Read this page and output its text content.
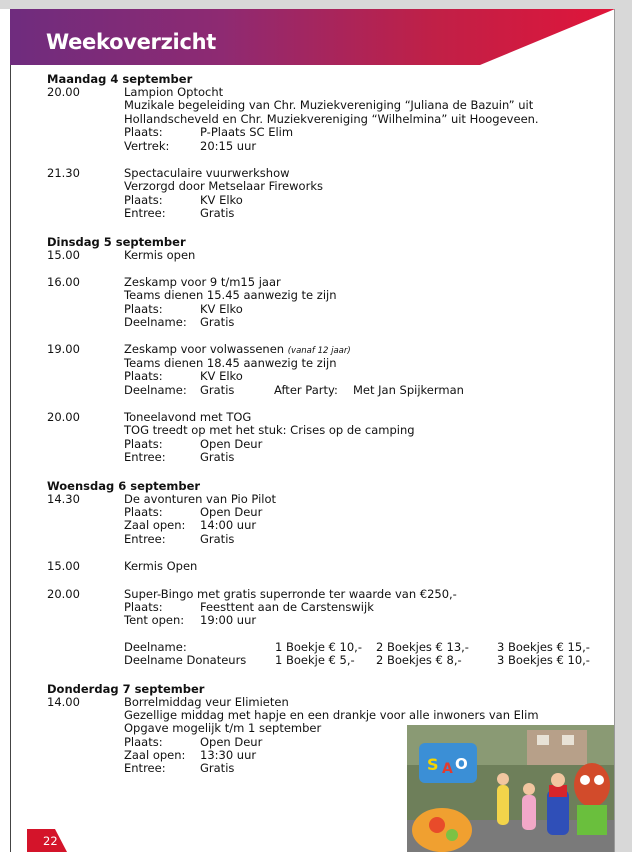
Weekoverzicht
Maandag 4 september
20.00	Lampion Optocht
Muzikale begeleiding van Chr. Muziekvereniging “Juliana de Bazuin” uit
Hollandscheveld en Chr. Muziekvereniging “Wilhelmina” uit Hoogeveen.
Plaats:	P-Plaats SC Elim
Vertrek:	20:15 uur
21.30	Spectaculaire vuurwerkshow
Verzorgd door Metselaar Fireworks
Plaats:	KV Elko
Entree:	Gratis
Dinsdag 5 september
15.00	Kermis open
16.00	Zeskamp voor 9 t/m15 jaar
Teams dienen 15.45 aanwezig te zijn
Plaats:	KV Elko
Deelname: Gratis
19.00	Zeskamp voor volwassenen (vanaf 12 jaar)
Teams dienen 18.45 aanwezig te zijn
Plaats:	KV Elko
Deelname: Gratis	After Party: Met Jan Spijkerman
20.00	Toneelavond met TOG
TOG treedt op met het stuk: Crises op de camping
Plaats:	Open Deur
Entree:	Gratis
Woensdag 6 september
14.30	De avonturen van Pio Pilot
Plaats:	Open Deur
Zaal open: 14:00 uur
Entree:	Gratis
15.00	Kermis Open
20.00	Super-Bingo met gratis superronde ter waarde van €250,-
Plaats:	Feesttent aan de Carstenswijk
Tent open: 19:00 uur
Deelname:	1 Boekje € 10,- 2 Boekjes € 13,- 3 Boekjes € 15,-
Deelname Donateurs 1 Boekje € 5,- 2 Boekjes € 8,-	3 Boekjes € 10,-
Donderdag 7 september
14.00	Borrelmiddag veur Elimieten
Gezellige middag met hapje en een drankje voor alle inwoners van Elim
Opgave mogelijk t/m 1 september
Plaats:	Open Deur
Zaal open: 13:30 uur
Entree:	Gratis	S A O
22
